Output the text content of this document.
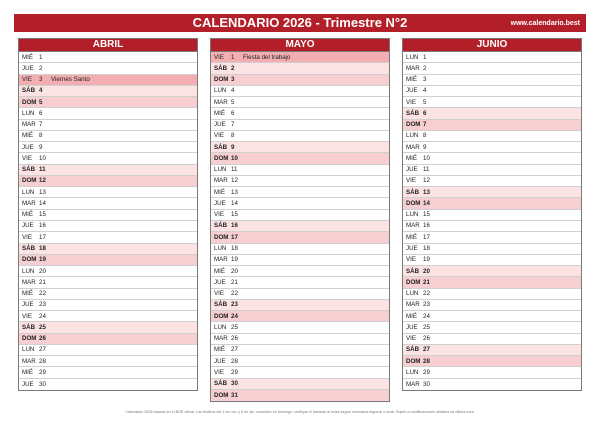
CALENDARIO 2026 - Trimestre N°2	www.calendario.best
ABRIL
MIÉ 1
JUE 2
VIE	3	Viernes Santo
SÁB 4
DOM 5
LUN 6
MAR 7
MIÉ 8
JUE 9
VIE	10
SÁB 11
DOM 12
LUN 13
MAR 14
MIÉ 15
JUE 16
VIE	17
SÁB 18
DOM 19
LUN 20
MAR 21
MIÉ 22
JUE 23
VIE	24
SÁB 25
DOM 26
LUN 27
MAR 28
MIÉ 29
JUE 30
MAYO
VIE	1	Fiesta del trabajo
SÁB 2
DOM 3
LUN 4
MAR 5
MIÉ 6
JUE 7
VIE	8
SÁB 9
DOM 10
LUN 11
MAR 12
MIÉ 13
JUE 14
VIE	15
SÁB 16
DOM 17
LUN 18
MAR 19
MIÉ 20
JUE 21
VIE	22
SÁB 23
DOM 24
LUN 25
MAR 26
MIÉ 27
JUE 28
VIE	29
SÁB 30
DOM 31
JUNIO
LUN 1
MAR 2
MIÉ 3
JUE 4
VIE	5
SÁB 6
DOM 7
LUN 8
MAR 9
MIÉ 10
JUE 11
VIE	12
SÁB 13
DOM 14
LUN 15
MAR 16
MIÉ 17
JUE 18
VIE	19
SÁB 20
DOM 21
LUN 22
MAR 23
MIÉ 24
JUE 25
VIE	26
SÁB 27
DOM 28
LUN 29
MAR 30
Calendario 2026 basado en el BOE oficial. Los festivos del 1 de nov. y 6 de dic. coinciden en domingo: verifique el traslado al lunes según normativa regional o local. Sujeto a modificaciones oficiales de última hora.
